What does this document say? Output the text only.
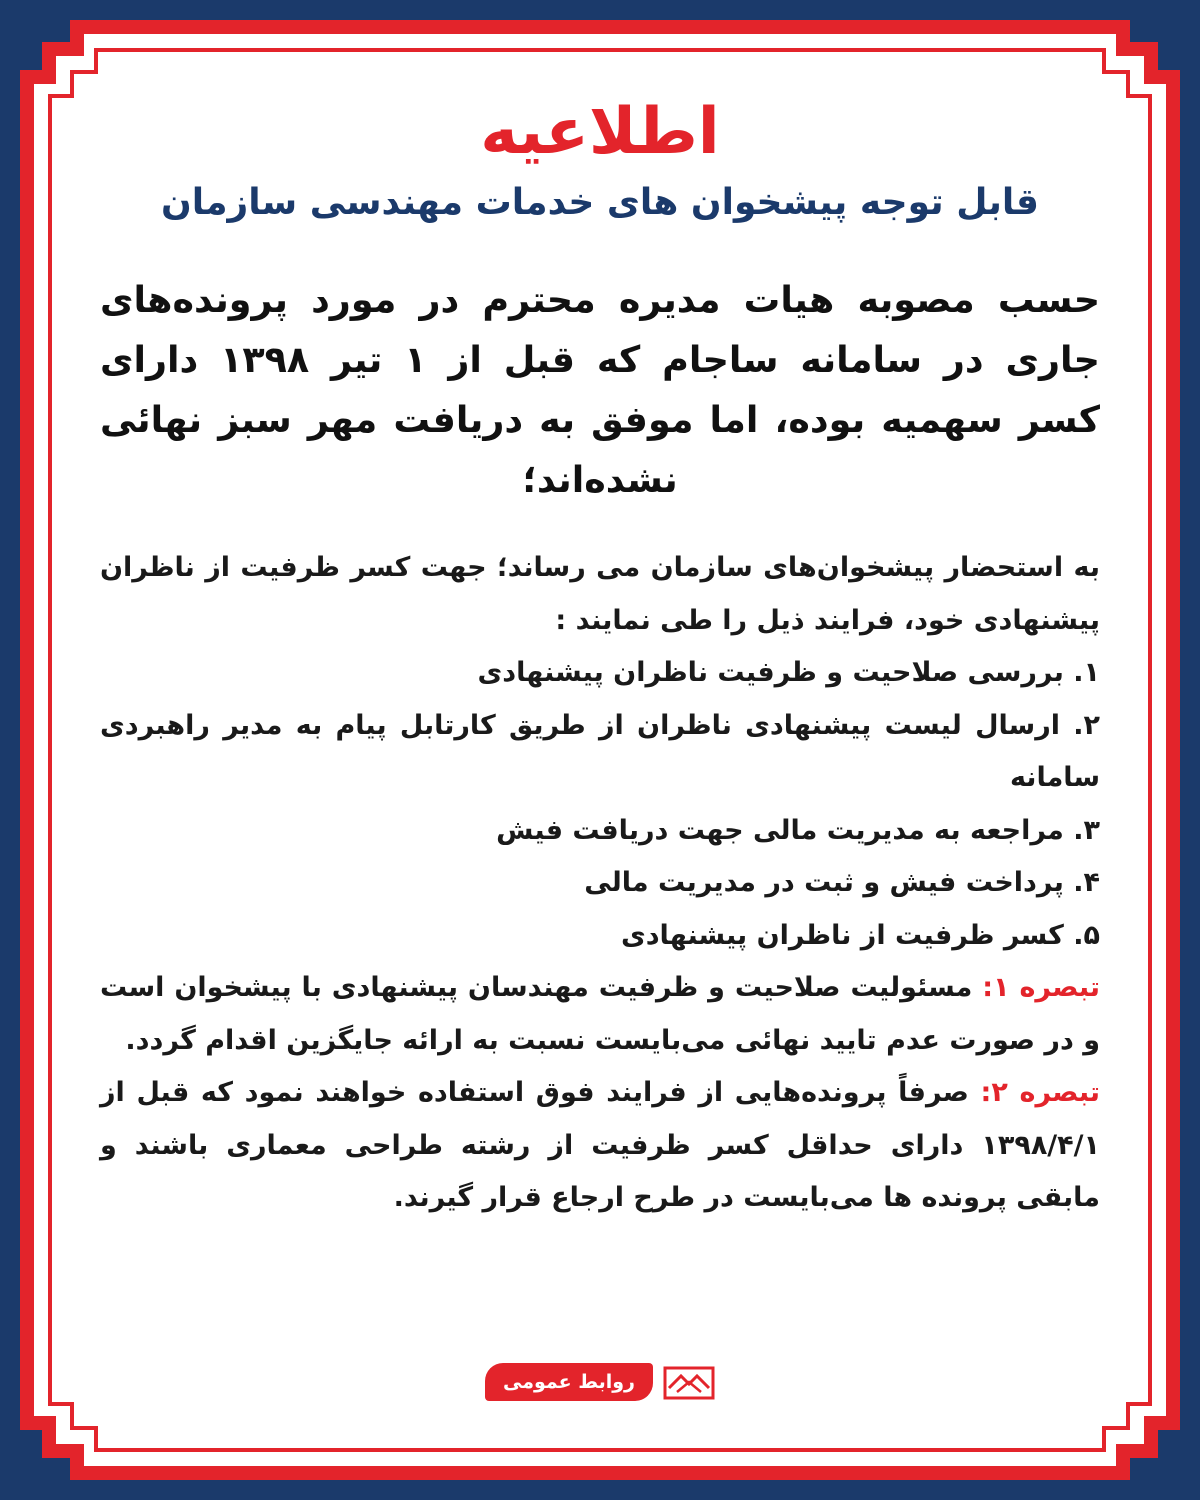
اطلاعیه
قابل توجه پیشخوان های خدمات مهندسی سازمان

حسب مصوبه هیات مدیره محترم در مورد پرونده‌های جاری در سامانه ساجام که قبل از ۱ تیر ۱۳۹۸ دارای کسر سهمیه بوده، اما موفق به دریافت مهر سبز نهائی نشده‌اند؛

به استحضار پیشخوان‌های سازمان می رساند؛ جهت کسر ظرفیت از ناظران پیشنهادی خود، فرایند ذیل را طی نمایند :

۱. بررسی صلاحیت و ظرفیت ناظران پیشنهادی

۲. ارسال لیست پیشنهادی ناظران از طریق کارتابل پیام به مدیر راهبردی سامانه

۳. مراجعه به مدیریت مالی جهت دریافت فیش

۴. پرداخت فیش و ثبت در مدیریت مالی

۵. کسر ظرفیت از ناظران پیشنهادی

تبصره ۱: مسئولیت صلاحیت و ظرفیت مهندسان پیشنهادی با پیشخوان است و در صورت عدم تایید نهائی می‌بایست نسبت به ارائه جایگزین اقدام گردد.

تبصره ۲: صرفاً پرونده‌هایی از فرایند فوق استفاده خواهند نمود که قبل از ۱۳۹۸/۴/۱ دارای حداقل کسر ظرفیت از رشته طراحی معماری باشند و مابقی پرونده ها می‌بایست در طرح ارجاع قرار گیرند.

روابط عمومی
